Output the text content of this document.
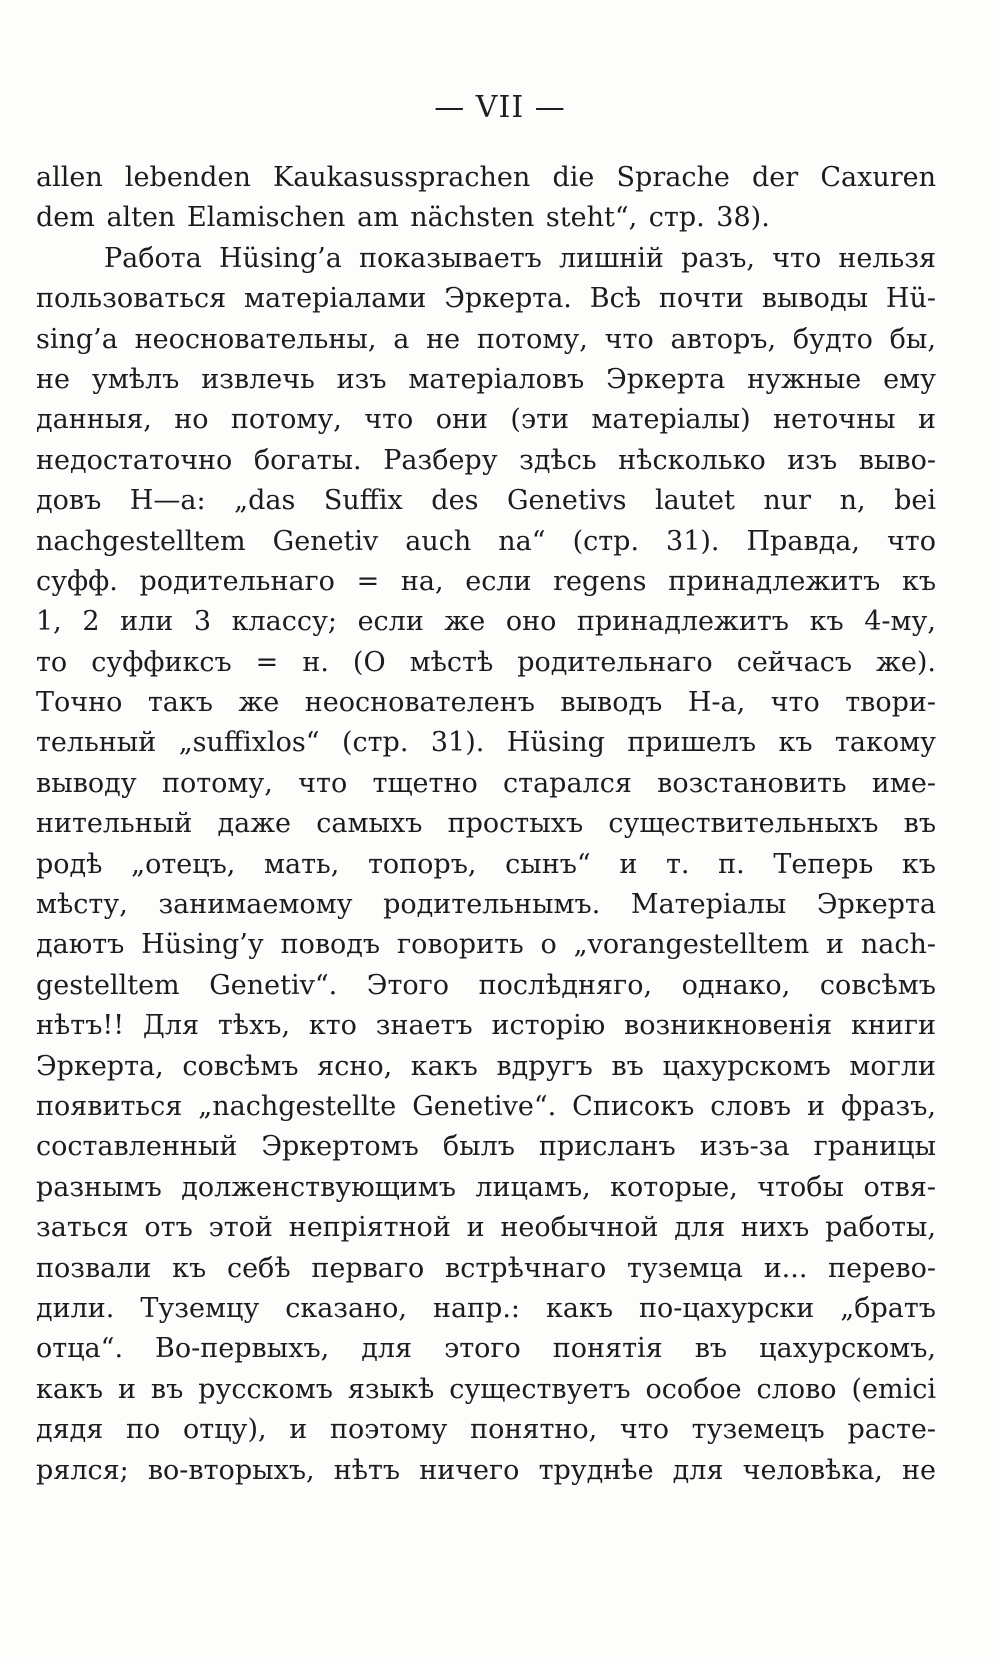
— VII —
allen lebenden Kaukasussprachen die Sprache der Caxuren
dem alten Elamischen am nächsten steht“, стр. 38).
Работа Hüsing’а показываетъ лишній разъ, что нельзя
пользоваться матеріалами Эркерта. Всѣ почти выводы Hü-
sing’a неосновательны, а не потому, что авторъ, будто бы,
не умѣлъ извлечь изъ матеріаловъ Эркерта нужные ему
данныя, но потому, что они (эти матеріалы) неточны и
недостаточно богаты. Разберу здѣсь нѣсколько изъ выво-
довъ Н—а: „das Suffix des Genetivs lautet nur n, bei
nachgestelltem Genetiv auch na“ (стр. 31). Правда, что
суфф. родительнаго = на, если regens принадлежитъ къ
1, 2 или 3 классу; если же оно принадлежитъ къ 4-му,
то суффиксъ = н. (О мѣстѣ родительнаго сейчасъ же).
Точно такъ же неоснователенъ выводъ Н-а, что твори-
тельный „suffixlos“ (стр. 31). Hüsing пришелъ къ такому
выводу потому, что тщетно старался возстановить име-
нительный даже самыхъ простыхъ существительныхъ въ
родѣ „отецъ, мать, топоръ, сынъ“ и т. п. Теперь къ
мѣсту, занимаемому родительнымъ. Матеріалы Эркерта
даютъ Hüsing’у поводъ говорить о „vorangestelltem и nach-
gestelltem Genetiv“. Этого послѣдняго, однако, совсѣмъ
нѣтъ!! Для тѣхъ, кто знаетъ исторію возникновенія книги
Эркерта, совсѣмъ ясно, какъ вдругъ въ цахурскомъ могли
появиться „nachgestellte Genetive“. Списокъ словъ и фразъ,
составленный Эркертомъ былъ присланъ изъ-за границы
разнымъ долженствующимъ лицамъ, которые, чтобы отвя-
заться отъ этой непріятной и необычной для нихъ работы,
позвали къ себѣ перваго встрѣчнаго туземца и... перево-
дили. Туземцу сказано, напр.: какъ по-цахурски „братъ
отца“. Во-первыхъ, для этого понятія въ цахурскомъ,
какъ и въ русскомъ языкѣ существуетъ особое слово (emici
дядя по отцу), и поэтому понятно, что туземецъ расте-
рялся; во-вторыхъ, нѣтъ ничего труднѣе для человѣка, не
